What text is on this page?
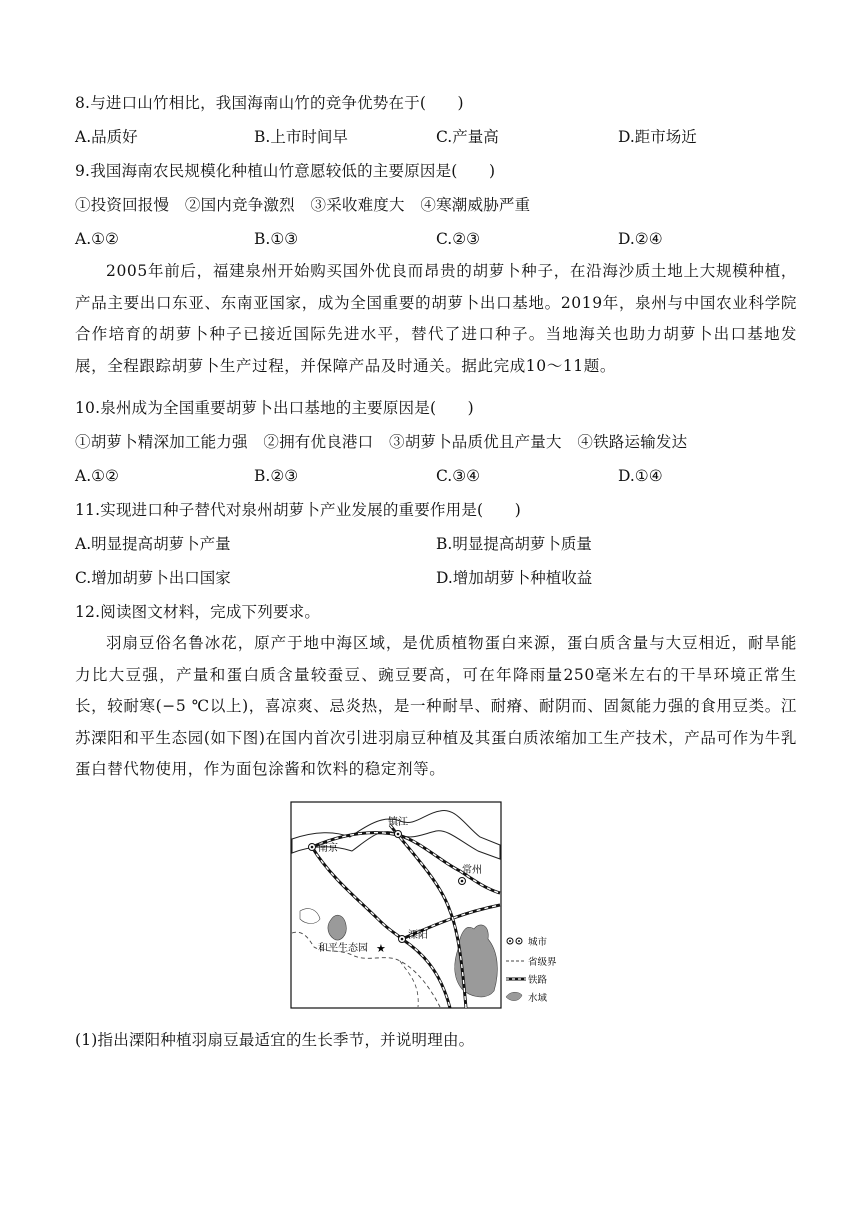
8.与进口山竹相比，我国海南山竹的竞争优势在于(　　)
A.品质好	B.上市时间早	C.产量高	D.距市场近
9.我国海南农民规模化种植山竹意愿较低的主要原因是(　　)
①投资回报慢　②国内竞争激烈　③采收难度大　④寒潮威胁严重
A.①②	B.①③	C.②③	D.②④

2005年前后，福建泉州开始购买国外优良而昂贵的胡萝卜种子，在沿海沙质土地上大规模种植，产品主要出口东亚、东南亚国家，成为全国重要的胡萝卜出口基地。2019年，泉州与中国农业科学院合作培育的胡萝卜种子已接近国际先进水平，替代了进口种子。当地海关也助力胡萝卜出口基地发展，全程跟踪胡萝卜生产过程，并保障产品及时通关。据此完成10～11题。

10.泉州成为全国重要胡萝卜出口基地的主要原因是(　　)
①胡萝卜精深加工能力强　②拥有优良港口　③胡萝卜品质优且产量大　④铁路运输发达
A.①②	B.②③	C.③④	D.①④
11.实现进口种子替代对泉州胡萝卜产业发展的重要作用是(　　)
A.明显提高胡萝卜产量	B.明显提高胡萝卜质量
C.增加胡萝卜出口国家	D.增加胡萝卜种植收益
12.阅读图文材料，完成下列要求。

羽扇豆俗名鲁冰花，原产于地中海区域，是优质植物蛋白来源，蛋白质含量与大豆相近，耐旱能力比大豆强，产量和蛋白质含量较蚕豆、豌豆要高，可在年降雨量250毫米左右的干旱环境正常生长，较耐寒(−5 ℃以上)，喜凉爽、忌炎热，是一种耐旱、耐瘠、耐阴而、固氮能力强的食用豆类。江苏溧阳和平生态园(如下图)在国内首次引进羽扇豆种植及其蛋白质浓缩加工生产技术，产品可作为牛乳蛋白替代物使用，作为面包涂酱和饮料的稳定剂等。

南京
镇江
常州
溧阳
和平生态园 ★	城市
省级界
铁路
水域
(1)指出溧阳种植羽扇豆最适宜的生长季节，并说明理由。
